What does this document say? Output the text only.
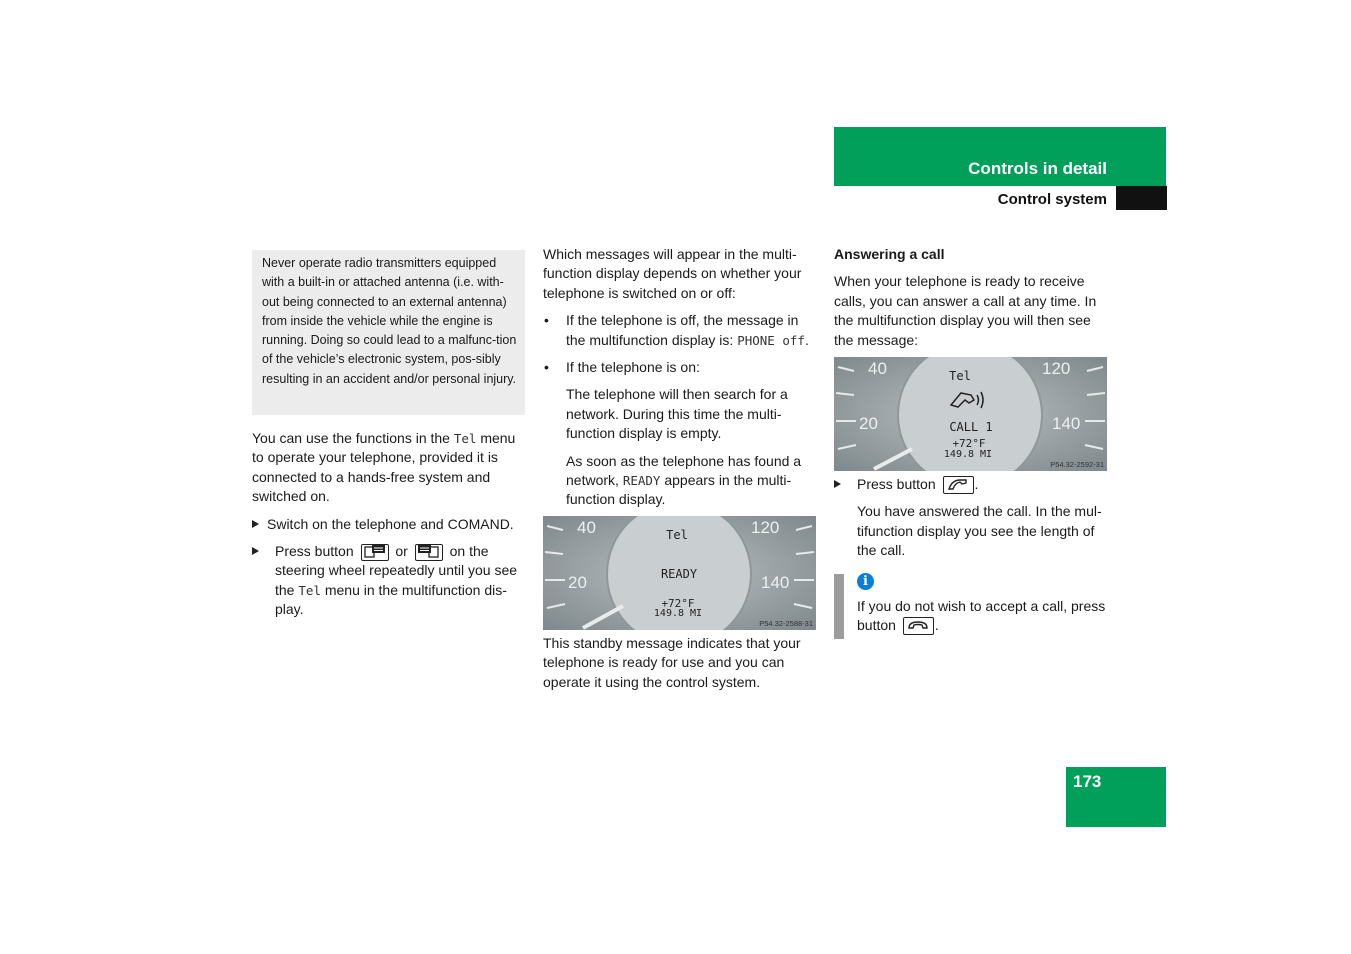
Controls in detail
Control system

Never operate radio transmitters equipped with a built-in or attached antenna (i.e. with-out being connected to an external antenna) from inside the vehicle while the engine is running. Doing so could lead to a malfunc-tion of the vehicle’s electronic system, pos-sibly resulting in an accident and/or personal injury.

You can use the functions in the Tel menu to operate your telephone, provided it is connected to a hands-free system and switched on.

Switch on the telephone and COMAND.

Press button	or	on the steering wheel repeatedly until you see the Tel menu in the multifunction dis-play.

Which messages will appear in the multi-function display depends on whether your telephone is switched on or off:

• If the telephone is off, the message in the multifunction display is: PHONE off.
• If the telephone is on:

The telephone will then search for a network. During this time the multi-function display is empty.

As soon as the telephone has found a network, READY appears in the multi-function display.

40
20
120
140
Tel
READY
+72°F
149.8 MI
P54.32-2588-31

This standby message indicates that your telephone is ready for use and you can operate it using the control system.

Answering a call

When your telephone is ready to receive calls, you can answer a call at any time. In the multifunction display you will then see the message:

40
20
120
140
Tel
CALL 1
+72°F
149.8 MI
P54.32-2592-31
Press button	.

You have answered the call. In the mul-tifunction display you see the length of the call.

i

If you do not wish to accept a call, press button	.

173
